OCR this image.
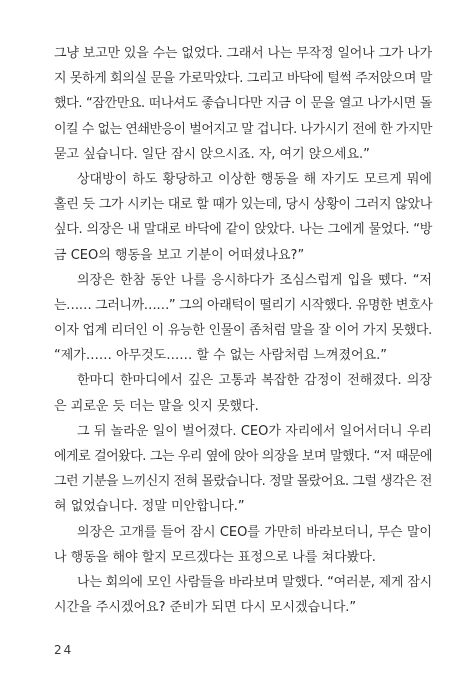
그냥 보고만 있을 수는 없었다. 그래서 나는 무작정 일어나 그가 나가
지 못하게 회의실 문을 가로막았다. 그리고 바닥에 털썩 주저앉으며 말
했다. “잠깐만요. 떠나셔도 좋습니다만 지금 이 문을 열고 나가시면 돌
이킬 수 없는 연쇄반응이 벌어지고 말 겁니다. 나가시기 전에 한 가지만
묻고 싶습니다. 일단 잠시 앉으시죠. 자, 여기 앉으세요.”
상대방이 하도 황당하고 이상한 행동을 해 자기도 모르게 뭐에
홀린 듯 그가 시키는 대로 할 때가 있는데, 당시 상황이 그러지 않았나
싶다. 의장은 내 말대로 바닥에 같이 앉았다. 나는 그에게 물었다. “방
금 CEO의 행동을 보고 기분이 어떠셨나요?”
의장은 한참 동안 나를 응시하다가 조심스럽게 입을 뗐다. “저
는…… 그러니까……” 그의 아래턱이 떨리기 시작했다. 유명한 변호사
이자 업계 리더인 이 유능한 인물이 좀처럼 말을 잘 이어 가지 못했다.
“제가…… 아무것도…… 할 수 없는 사람처럼 느껴졌어요.”
한마디 한마디에서 깊은 고통과 복잡한 감정이 전해졌다. 의장
은 괴로운 듯 더는 말을 잇지 못했다.
그 뒤 놀라운 일이 벌어졌다. CEO가 자리에서 일어서더니 우리
에게로 걸어왔다. 그는 우리 옆에 앉아 의장을 보며 말했다. “저 때문에
그런 기분을 느끼신지 전혀 몰랐습니다. 정말 몰랐어요. 그럴 생각은 전
혀 없었습니다. 정말 미안합니다.”
의장은 고개를 들어 잠시 CEO를 가만히 바라보더니, 무슨 말이
나 행동을 해야 할지 모르겠다는 표정으로 나를 쳐다봤다.
나는 회의에 모인 사람들을 바라보며 말했다. “여러분, 제게 잠시
시간을 주시겠어요? 준비가 되면 다시 모시겠습니다.”
24
